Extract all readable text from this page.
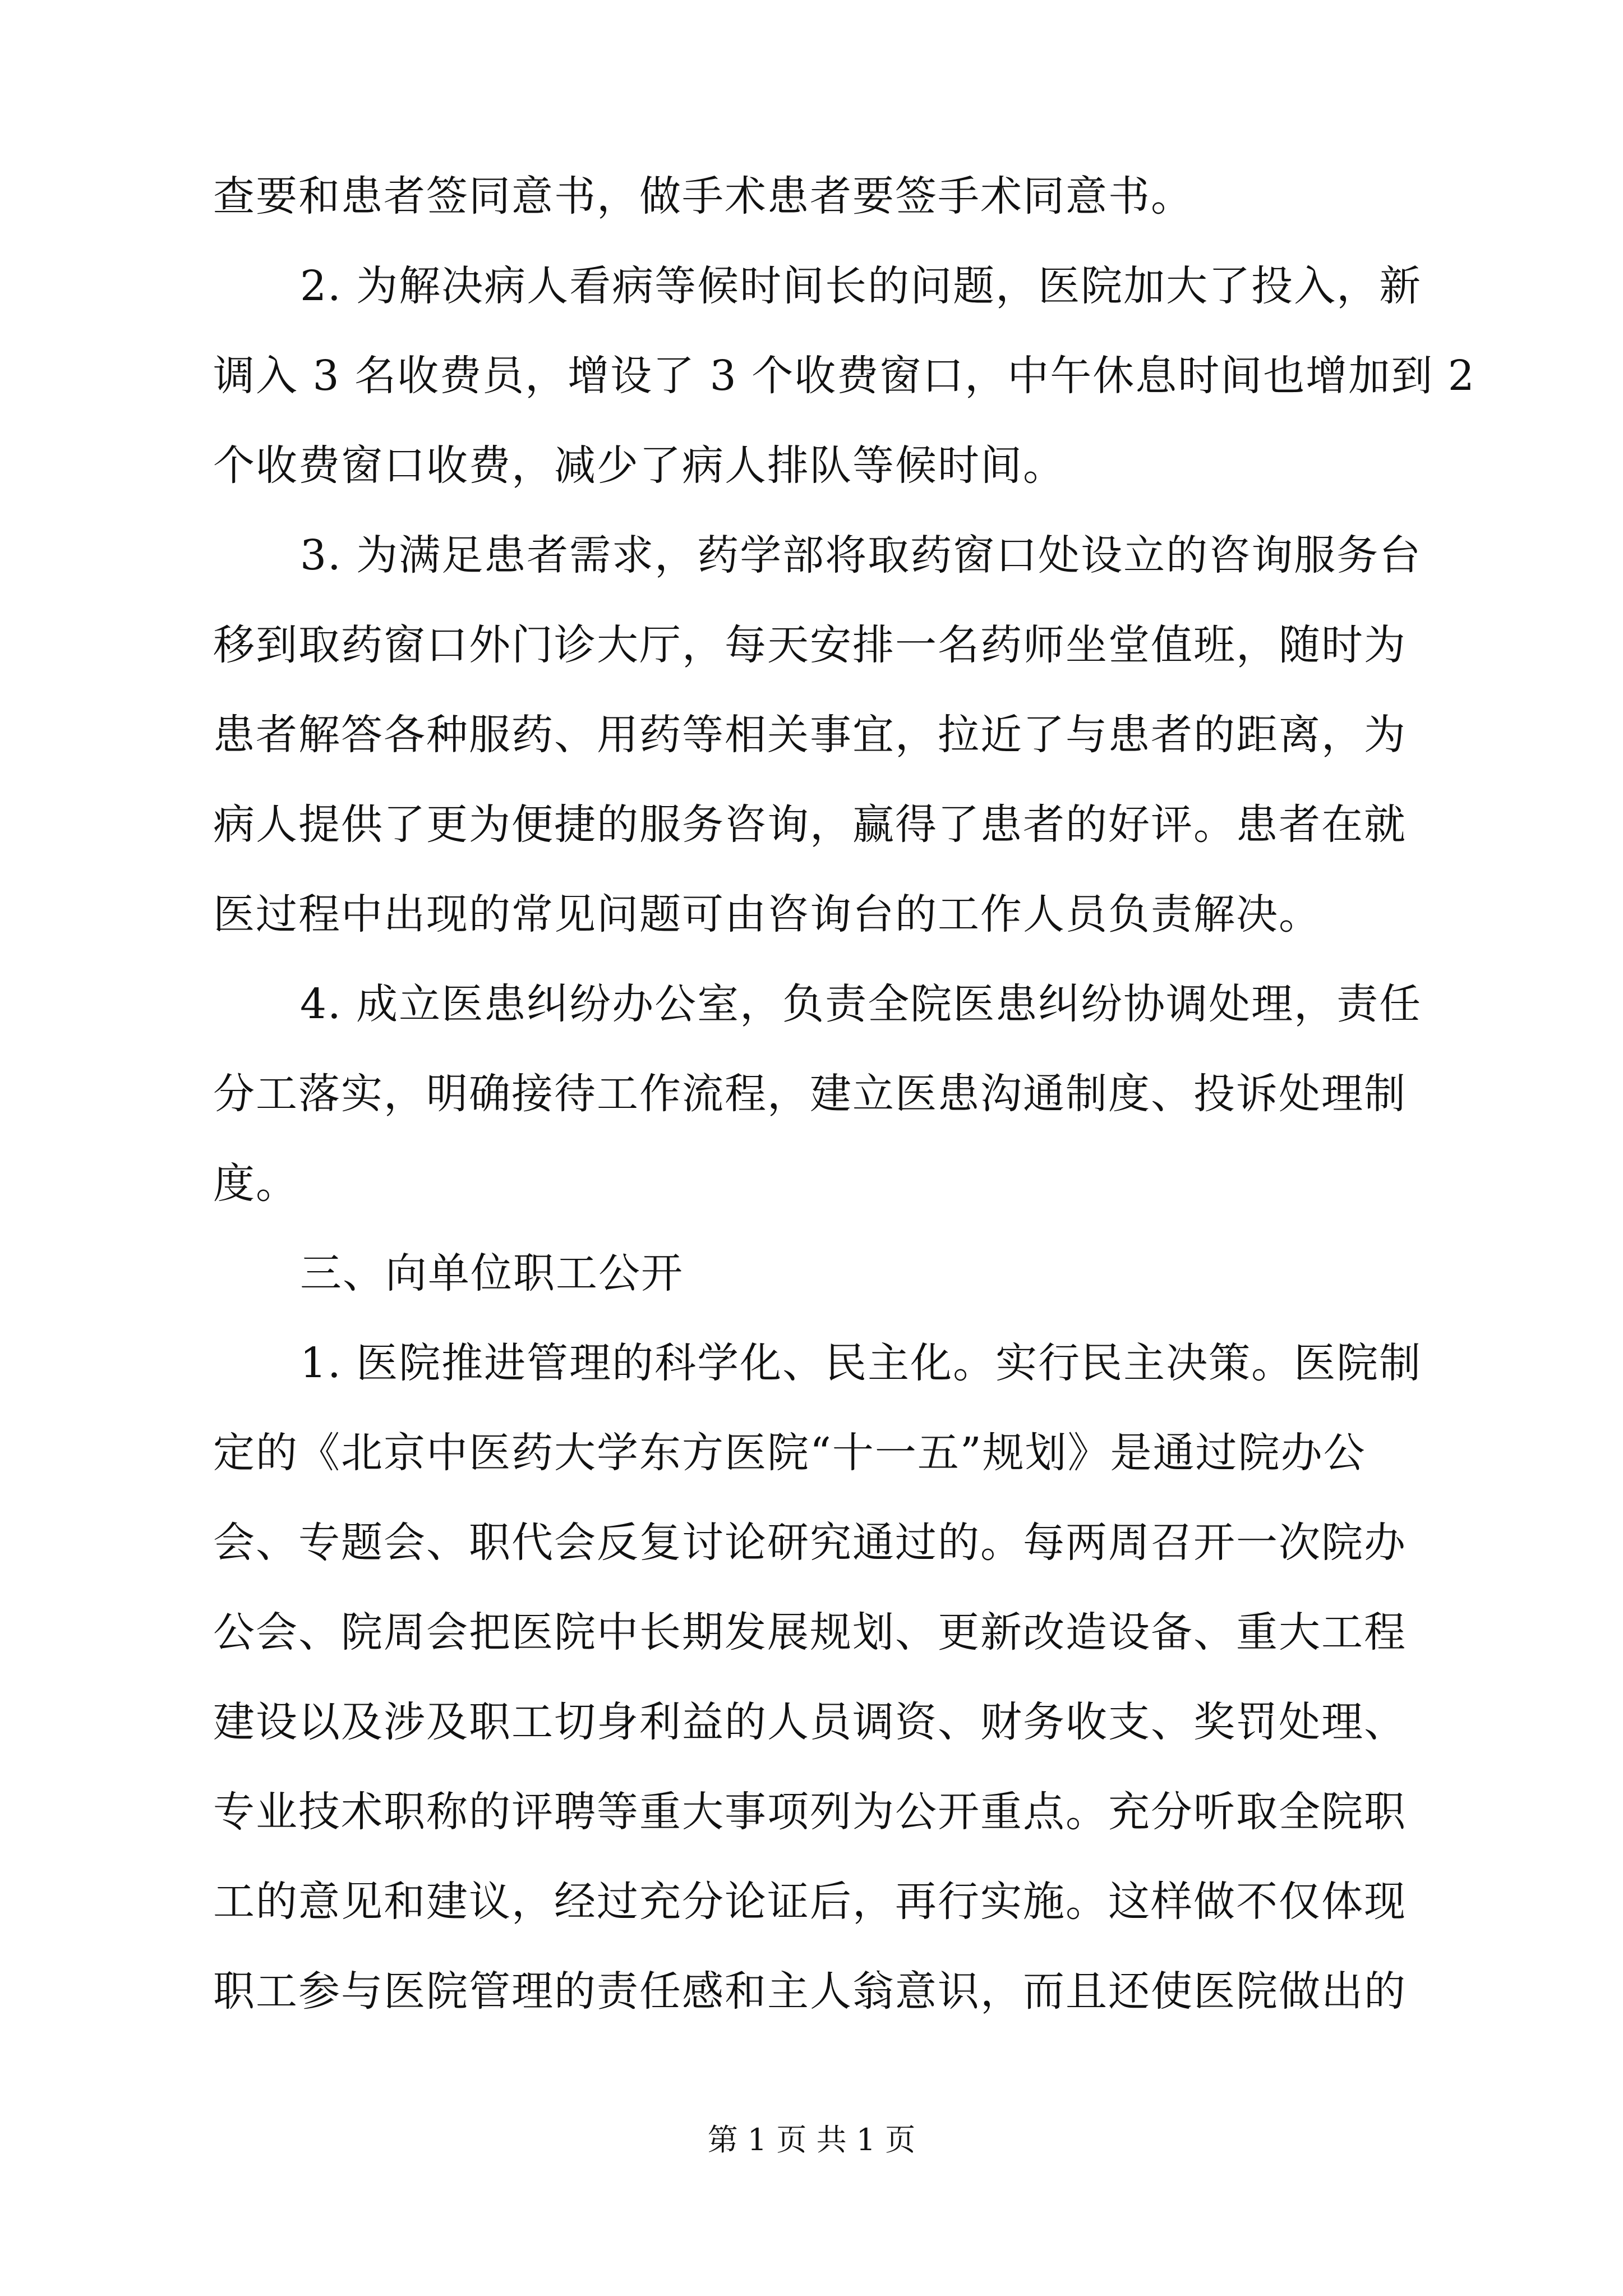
查要和患者签同意书，做手术患者要签手术同意书。
2. 为解决病人看病等候时间长的问题，医院加大了投入，新
调入 3 名收费员，增设了 3 个收费窗口，中午休息时间也增加到 2
个收费窗口收费，减少了病人排队等候时间。
3. 为满足患者需求，药学部将取药窗口处设立的咨询服务台
移到取药窗口外门诊大厅，每天安排一名药师坐堂值班，随时为
患者解答各种服药、用药等相关事宜，拉近了与患者的距离，为
病人提供了更为便捷的服务咨询，赢得了患者的好评。患者在就
医过程中出现的常见问题可由咨询台的工作人员负责解决。
4. 成立医患纠纷办公室，负责全院医患纠纷协调处理，责任
分工落实，明确接待工作流程，建立医患沟通制度、投诉处理制
度。
三、向单位职工公开
1. 医院推进管理的科学化、民主化。实行民主决策。医院制
定的《北京中医药大学东方医院“十一五”规划》是通过院办公
会、专题会、职代会反复讨论研究通过的。每两周召开一次院办
公会、院周会把医院中长期发展规划、更新改造设备、重大工程
建设以及涉及职工切身利益的人员调资、财务收支、奖罚处理、
专业技术职称的评聘等重大事项列为公开重点。充分听取全院职
工的意见和建议，经过充分论证后，再行实施。这样做不仅体现
职工参与医院管理的责任感和主人翁意识，而且还使医院做出的
第 1 页 共 1 页
